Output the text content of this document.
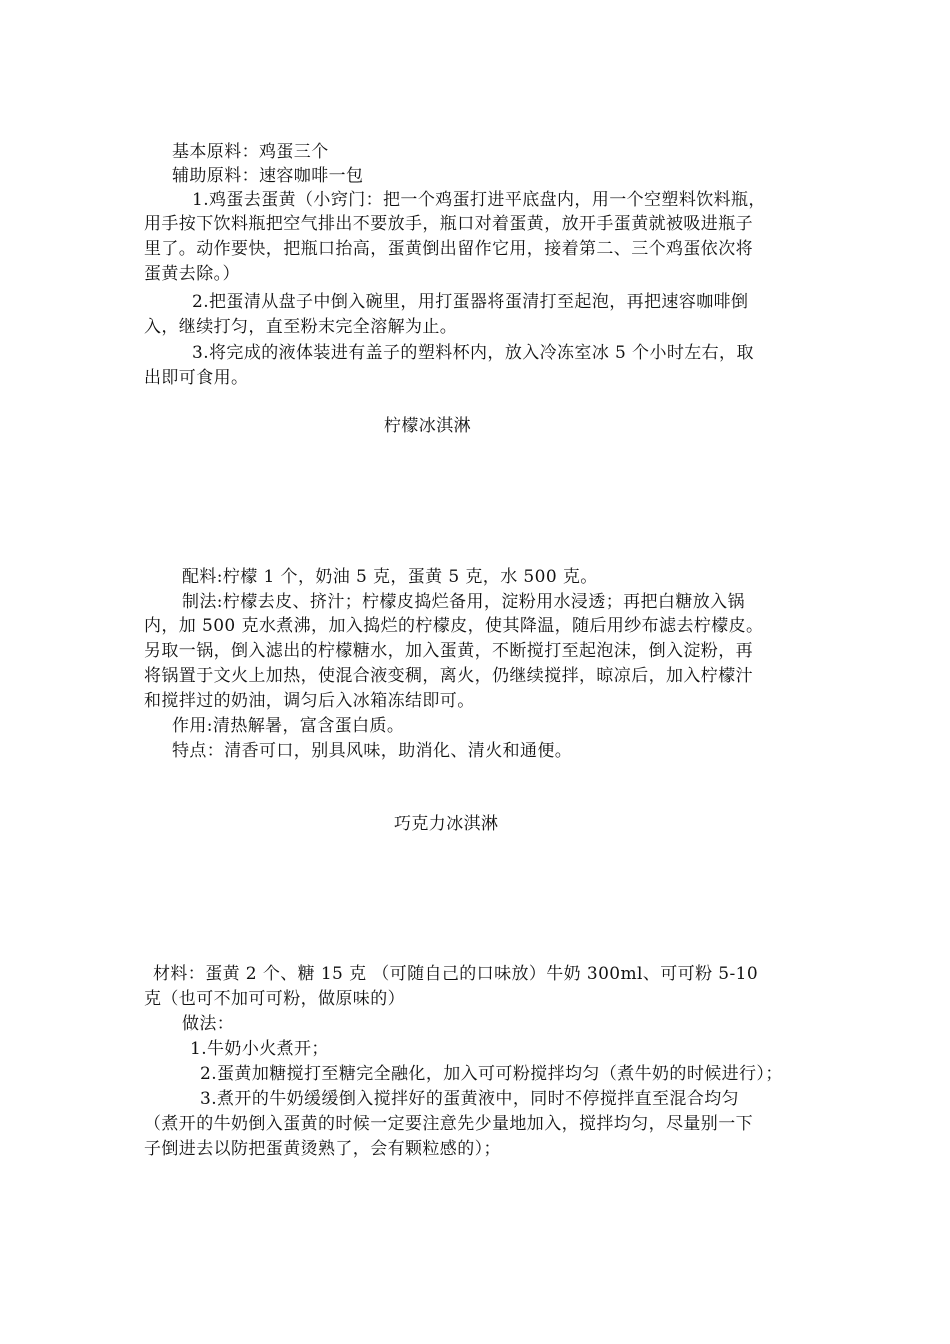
基本原料：鸡蛋三个
辅助原料：速容咖啡一包
1.鸡蛋去蛋黄（小窍门：把一个鸡蛋打进平底盘内，用一个空塑料饮料瓶，
用手按下饮料瓶把空气排出不要放手，瓶口对着蛋黄，放开手蛋黄就被吸进瓶子
里了。动作要快，把瓶口抬高，蛋黄倒出留作它用，接着第二、三个鸡蛋依次将
蛋黄去除。）
2.把蛋清从盘子中倒入碗里，用打蛋器将蛋清打至起泡，再把速容咖啡倒
入，继续打匀，直至粉末完全溶解为止。
3.将完成的液体装进有盖子的塑料杯内，放入冷冻室冰 5 个小时左右，取
出即可食用。
柠檬冰淇淋
配料:柠檬 1 个，奶油 5 克，蛋黄 5 克，水 500 克。
制法:柠檬去皮、挤汁；柠檬皮捣烂备用，淀粉用水浸透；再把白糖放入锅
内，加 500 克水煮沸，加入捣烂的柠檬皮，使其降温，随后用纱布滤去柠檬皮。
另取一锅，倒入滤出的柠檬糖水，加入蛋黄，不断搅打至起泡沫，倒入淀粉，再
将锅置于文火上加热，使混合液变稠，离火，仍继续搅拌，晾凉后，加入柠檬汁
和搅拌过的奶油，调匀后入冰箱冻结即可。
作用:清热解暑，富含蛋白质。
特点：清香可口，别具风味，助消化、清火和通便。
巧克力冰淇淋
材料：蛋黄 2 个、糖 15 克 （可随自己的口味放）牛奶 300ml、可可粉 5-10
克（也可不加可可粉，做原味的）
做法：
1.牛奶小火煮开；
2.蛋黄加糖搅打至糖完全融化，加入可可粉搅拌均匀（煮牛奶的时候进行）；
3.煮开的牛奶缓缓倒入搅拌好的蛋黄液中，同时不停搅拌直至混合均匀
（煮开的牛奶倒入蛋黄的时候一定要注意先少量地加入，搅拌均匀，尽量别一下
子倒进去以防把蛋黄烫熟了，会有颗粒感的）；
